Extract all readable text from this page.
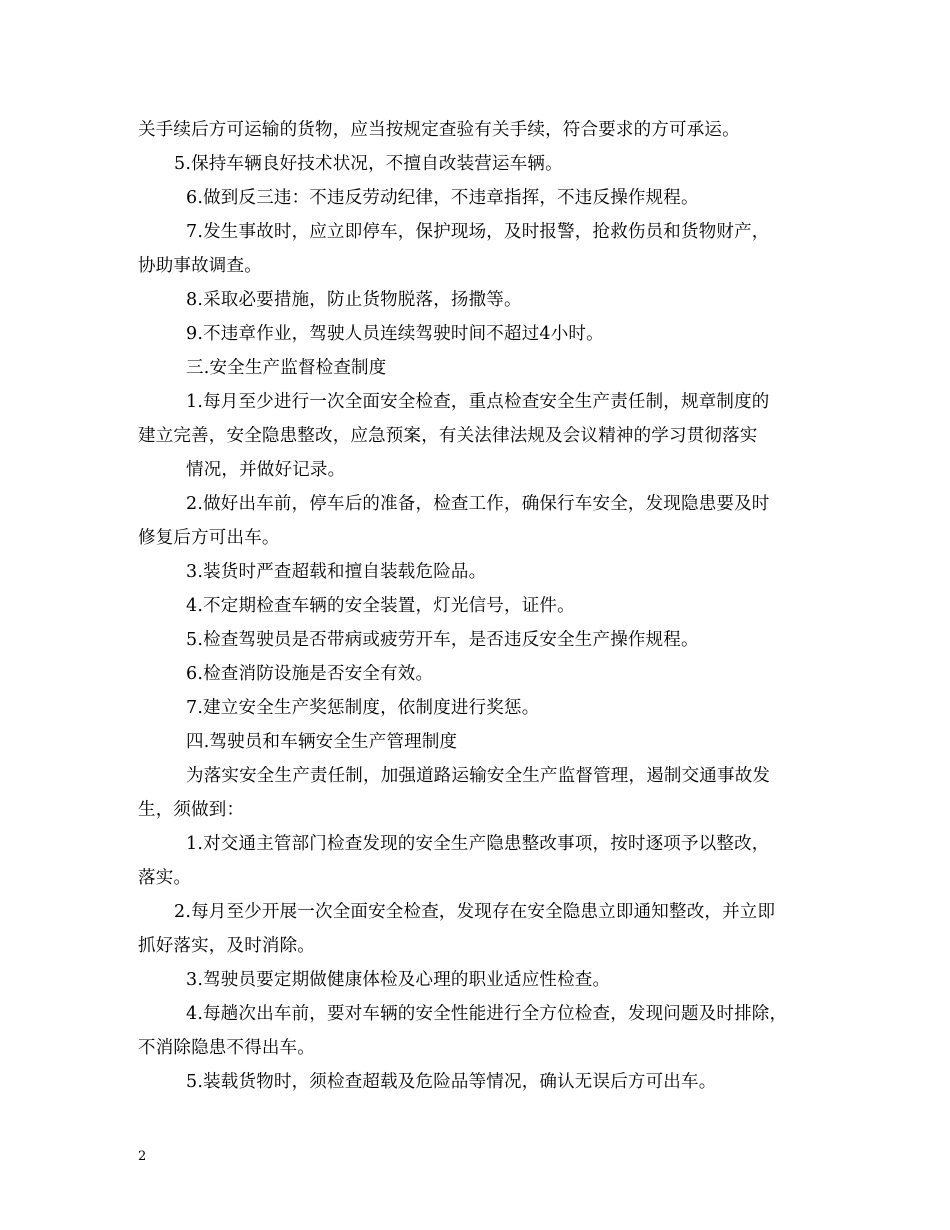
关手续后方可运输的货物，应当按规定查验有关手续，符合要求的方可承运。
5.保持车辆良好技术状况，不擅自改装营运车辆。
6.做到反三违：不违反劳动纪律，不违章指挥，不违反操作规程。
7.发生事故时，应立即停车，保护现场，及时报警，抢救伤员和货物财产，
协助事故调查。
8.采取必要措施，防止货物脱落，扬撒等。
9.不违章作业，驾驶人员连续驾驶时间不超过4小时。
三.安全生产监督检查制度
1.每月至少进行一次全面安全检查，重点检查安全生产责任制，规章制度的
建立完善，安全隐患整改，应急预案，有关法律法规及会议精神的学习贯彻落实
情况，并做好记录。
2.做好出车前，停车后的准备，检查工作，确保行车安全，发现隐患要及时
修复后方可出车。
3.装货时严查超载和擅自装载危险品。
4.不定期检查车辆的安全装置，灯光信号，证件。
5.检查驾驶员是否带病或疲劳开车，是否违反安全生产操作规程。
6.检查消防设施是否安全有效。
7.建立安全生产奖惩制度，依制度进行奖惩。
四.驾驶员和车辆安全生产管理制度
为落实安全生产责任制，加强道路运输安全生产监督管理，遏制交通事故发
生，须做到：
1.对交通主管部门检查发现的安全生产隐患整改事项，按时逐项予以整改，
落实。
2.每月至少开展一次全面安全检查，发现存在安全隐患立即通知整改，并立即
抓好落实，及时消除。
3.驾驶员要定期做健康体检及心理的职业适应性检查。
4.每趟次出车前，要对车辆的安全性能进行全方位检查，发现问题及时排除，
不消除隐患不得出车。
5.装载货物时，须检查超载及危险品等情况，确认无误后方可出车。
2
